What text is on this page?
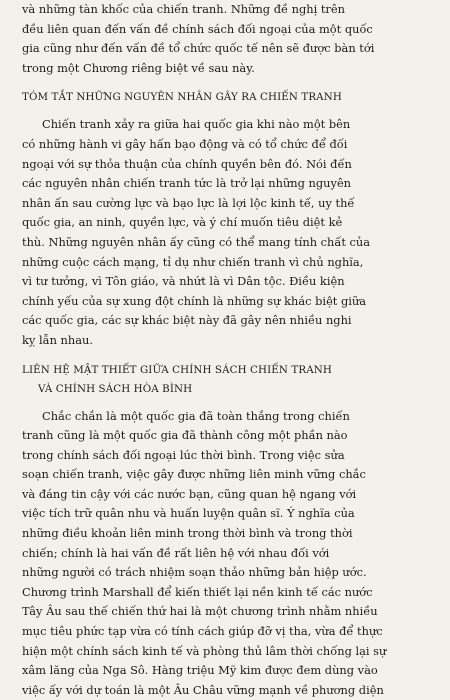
và những tàn khốc của chiến tranh. Những đề nghị trên

đều liên quan đến vấn đề chính sách đối ngoại của một quốc

gia cũng như đến vấn đề tổ chức quốc tế nên sẽ được bàn tới

trong một Chương riêng biệt về sau này.

TÓM TẮT NHỮNG NGUYÊN NHÂN GÂY RA CHIẾN TRANH

Chiến tranh xảy ra giữa hai quốc gia khi nào một bên

có những hành vi gây hấn bạo động và có tổ chức để đối

ngoại với sự thỏa thuận của chính quyền bên đó. Nói đến

các nguyên nhân chiến tranh tức là trở lại những nguyên

nhân ấn sau cường lực và bạo lực là lợi lộc kinh tế, uy thế

quốc gia, an ninh, quyền lực, và ý chí muốn tiêu diệt kẻ

thù. Những nguyên nhân ấy cũng có thể mang tính chất của

những cuộc cách mạng, tỉ dụ như chiến tranh vì chủ nghĩa,

vì tư tưởng, vì Tôn giáo, và nhứt là vì Dân tộc. Điều kiện

chính yếu của sự xung đột chính là những sự khác biệt giữa

các quốc gia, các sự khác biệt này đã gây nên nhiều nghi

kỵ lẫn nhau.

LIÊN HỆ MẬT THIẾT GIỮA CHÍNH SÁCH CHIẾN TRANH

VÀ CHÍNH SÁCH HÒA BÌNH

Chắc chắn là một quốc gia đã toàn thắng trong chiến

tranh cũng là một quốc gia đã thành công một phần nào

trong chính sách đối ngoại lúc thời bình. Trong việc sửa

soạn chiến tranh, việc gây được những liên minh vững chắc

và đáng tin cậy với các nước bạn, cũng quan hệ ngang với

việc tích trữ quân nhu và huấn luyện quân sĩ. Ý nghĩa của

những điều khoản liên minh trong thời bình và trong thời

chiến; chính là hai vấn đề rất liên hệ với nhau đối với

những người có trách nhiệm soạn thảo những bản hiệp ước.

Chương trình Marshall để kiến thiết lại nền kinh tế các nước

Tây Âu sau thế chiến thứ hai là một chương trình nhằm nhiều

mục tiêu phức tạp vừa có tính cách giúp đỡ vị tha, vừa để thực

hiện một chính sách kinh tế và phòng thủ lâm thời chống lại sự

xâm lăng của Nga Sô. Hàng triệu Mỹ kim được đem dùng vào

việc ấy với dự toán là một Âu Châu vững mạnh về phương diện
